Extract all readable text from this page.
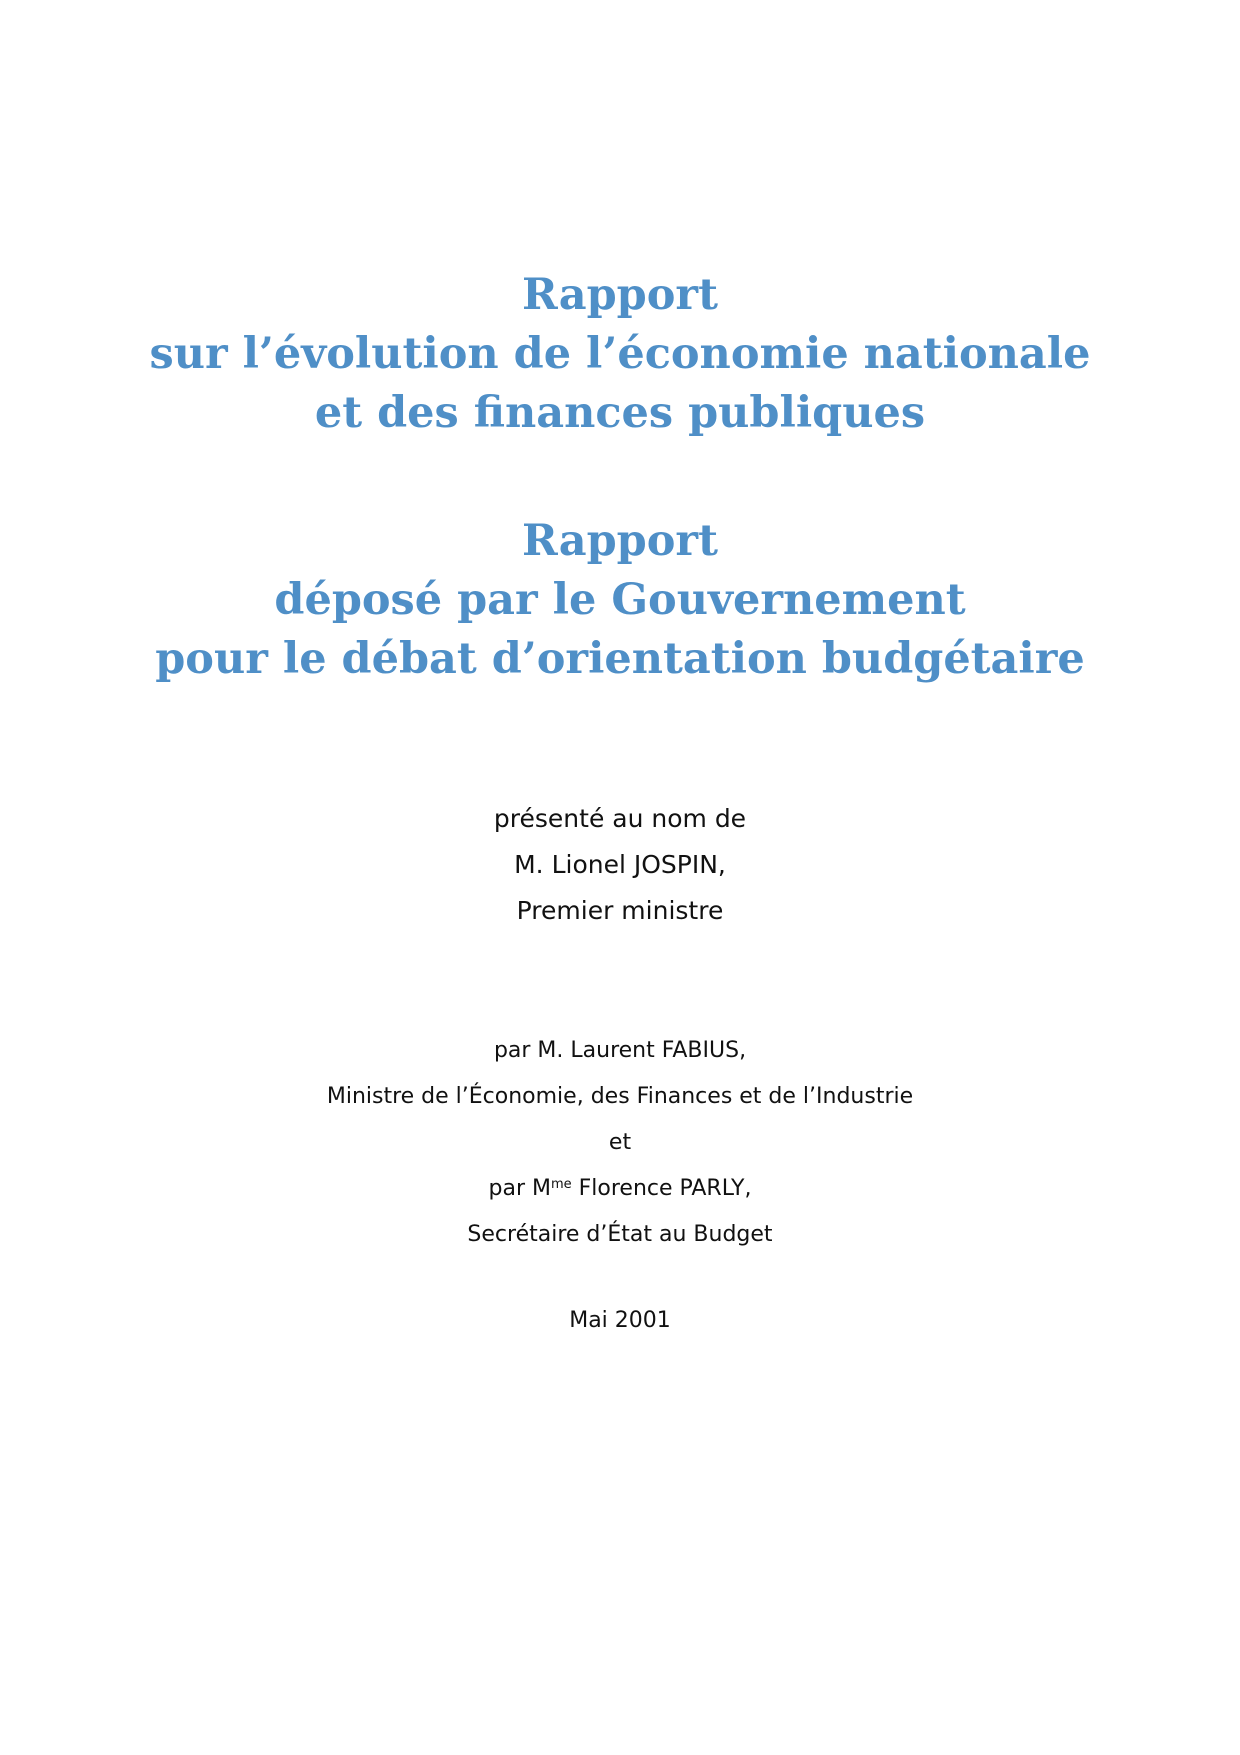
Rapport
sur l’évolution de l’économie nationale
et des finances publiques
Rapport
déposé par le Gouvernement
pour le débat d’orientation budgétaire
présenté au nom de
M. Lionel JOSPIN,
Premier ministre
par M. Laurent FABIUS,
Ministre de l’Économie, des Finances et de l’Industrie
et
par $M^{me}$ Florence PARLY,
Secrétaire d’État au Budget
Mai 2001
